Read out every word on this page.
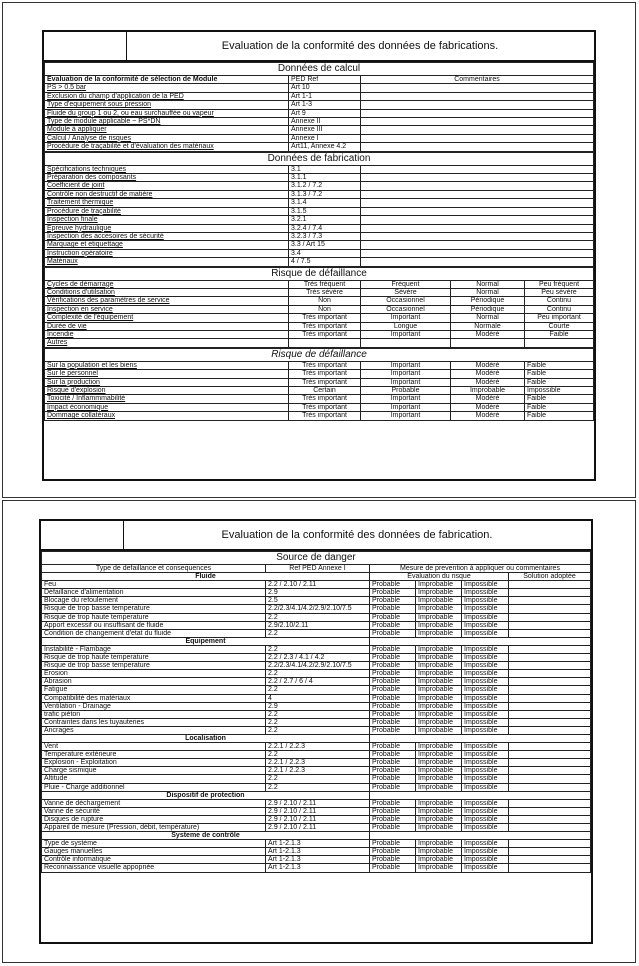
Evaluation de la conformité des données de fabrications.
Données de calcul		
Evaluation de la conformité de sélection de Module	PED Ref	Commentaires
PS > 0.5 bar	Art 10	
Exclusion du champ d'application de la PED	Art 1-1	
Type d'equipement sous pression	Art 1-3	
Fluide du group 1 ou 2, ou eau surchauffée ou vapeur	Art 9	
Type de module applicable ~ PS*DN	Annexe II	
Module à appliquer	Annexe III	
Calcul / Analyse de risques	Annexe I	
Procédure de traçabilité et d'évaluation des matériaux	Art11, Annexe 4.2	
Données de fabrication		
Spécifications techniques	3.1	
Préparation des composants	3.1.1	
Coefficient de joint	3.1.2 / 7.2	
Contrôle non destructif de matière	3.1.3 / 7.2	
Traitement thermique	3.1.4	
Procédure de traçabilité	3.1.5	
Inspection finale	3.2.1	
Epreuve hydraulique	3.2.4 / 7.4	
Inspection des accesoires de sécurité	3.2.3 / 7.3	
Marquage et etiquettage	3.3 / Art 15	
Instruction opératoire	3.4	
Matériaux	4 / 7.5	
Risque de défaillance				
Cycles de démarrage	Très fréquent	Fréquent	Normal	Peu fréquent
Conditions d'utilsation	Très sévère	Sévère	Normal	Peu sévère
Vérifications des paramètres de service	Non	Occasionnel	Périodique	Continu
Inspection en service	Non	Occasionnel	Périodique	Continu
Complexité de l'équipement	Très important	Important	Normal	Peu important
Durée de vie	Très important	Longue	Normale	Courte
Incendie	Très important	Important	Modéré	Faible
Autres				
Risque de défaillance				
Sur la population et les biens	Très important	Important	Modéré	Faible
Sur le personnel	Très important	Important	Modéré	Faible
Sur la production	Très important	Important	Modéré	Faible
Risque d'explosion	Certain	Probable	Improbable	Impossible
Toxicité / Inflammmabilité	Très important	Important	Modéré	Faible
Impact économique	Très important	Important	Modéré	Faible
Dommage collatéraux	Très important	Important	Modéré	Faible
Evaluation de la conformité des données de fabrication.
Source de danger					
Type de defaillance et consequences	Ref PED Annexe I	Mesure de prevention à appliquer ou commentaires			
Fluide		Evaluation du risque			Solution adoptée
Feu	2.2 / 2.10 / 2.11	Probable	Improbable	Impossible	
Défaillance d'alimentation	2.9	Probable	Improbable	Impossible	
Blocage du refoulement	2.5	Probable	Improbable	Impossible	
Risque de trop basse temperature	2.2/2.3/4.1/4.2/2.9/2.10/7.5	Probable	Improbable	Impossible	
Risque de trop haute temperature	2.2	Probable	Improbable	Impossible	
Apport excessif ou insuffisant de fluide	2.9/2.10/2.11	Probable	Improbable	Impossible	
Condition de changement d'etat du fluide	2.2	Probable	Improbable	Impossible	
Equipement					
Instabilité - Flambage	2.2	Probable	Improbable	Impossible	
Risque de trop haute temperature	2.2 / 2.3 / 4.1 / 4.2	Probable	Improbable	Impossible	
Risque de trop basse temperature	2.2/2.3/4.1/4.2/2.9/2.10/7.5	Probable	Improbable	Impossible	
Erosion	2.2	Probable	Improbable	Impossible	
Abrasion	2.2 / 2.7 / 6 / 4	Probable	Improbable	Impossible	
Fatigue	2.2	Probable	Improbable	Impossible	
Compatibilité des matériaux	4	Probable	Improbable	Impossible	
Ventilation - Drainage	2.9	Probable	Improbable	Impossible	
trafic piéton	2.2	Probable	Improbable	Impossible	
Contraintes dans les tuyauteries	2.2	Probable	Improbable	Impossible	
Ancrages	2.2	Probable	Improbable	Impossible	
Localisation					
Vent	2.2.1 / 2.2.3	Probable	Improbable	Impossible	
Temperature extérieure	2.2	Probable	Improbable	Impossible	
Explosion - Exploitation	2.2.1 / 2.2.3	Probable	Improbable	Impossible	
Charge sismique	2.2.1 / 2.2.3	Probable	Improbable	Impossible	
Altitude	2.2	Probable	Improbable	Impossible	
Pluie - Charge additionnel	2.2	Probable	Improbable	Impossible	
Dispositif de protection					
Vanne de déchargement	2.9 / 2.10 / 2.11	Probable	Improbable	Impossible	
Vanne de sécurité	2.9 / 2.10 / 2.11	Probable	Improbable	Impossible	
Disques de rupture	2.9 / 2.10 / 2.11	Probable	Improbable	Impossible	
Appareil de mesure (Pression, débit, température)	2.9 / 2.10 / 2.11	Probable	Improbable	Impossible	
Systeme de contrôle					
Type de système	Art 1-2.1.3	Probable	Improbable	Impossible	
Gauges manuelles	Art 1-2.1.3	Probable	Improbable	Impossible	
Contrôle informatique	Art 1-2.1.3	Probable	Improbable	Impossible	
Reconnaissance visuelle appopriée	Art 1-2.1.3	Probable	Improbable	Impossible	
